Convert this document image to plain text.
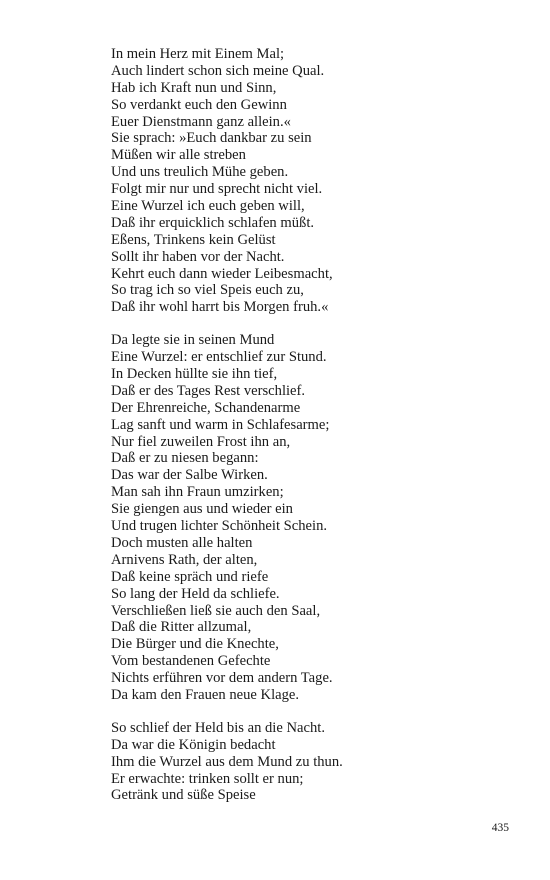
In mein Herz mit Einem Mal;
Auch lindert schon sich meine Qual.
Hab ich Kraft nun und Sinn,
So verdankt euch den Gewinn
Euer Dienstmann ganz allein.«
Sie sprach: »Euch dankbar zu sein
Müßen wir alle streben
Und uns treulich Mühe geben.
Folgt mir nur und sprecht nicht viel.
Eine Wurzel ich euch geben will,
Daß ihr erquicklich schlafen müßt.
Eßens, Trinkens kein Gelüst
Sollt ihr haben vor der Nacht.
Kehrt euch dann wieder Leibesmacht,
So trag ich so viel Speis euch zu,
Daß ihr wohl harrt bis Morgen fruh.«
Da legte sie in seinen Mund
Eine Wurzel: er entschlief zur Stund.
In Decken hüllte sie ihn tief,
Daß er des Tages Rest verschlief.
Der Ehrenreiche, Schandenarme
Lag sanft und warm in Schlafesarme;
Nur fiel zuweilen Frost ihn an,
Daß er zu niesen begann:
Das war der Salbe Wirken.
Man sah ihn Fraun umzirken;
Sie giengen aus und wieder ein
Und trugen lichter Schönheit Schein.
Doch musten alle halten
Arnivens Rath, der alten,
Daß keine spräch und riefe
So lang der Held da schliefe.
Verschließen ließ sie auch den Saal,
Daß die Ritter allzumal,
Die Bürger und die Knechte,
Vom bestandenen Gefechte
Nichts erführen vor dem andern Tage.
Da kam den Frauen neue Klage.
So schlief der Held bis an die Nacht.
Da war die Königin bedacht
Ihm die Wurzel aus dem Mund zu thun.
Er erwachte: trinken sollt er nun;
Getränk und süße Speise
435
